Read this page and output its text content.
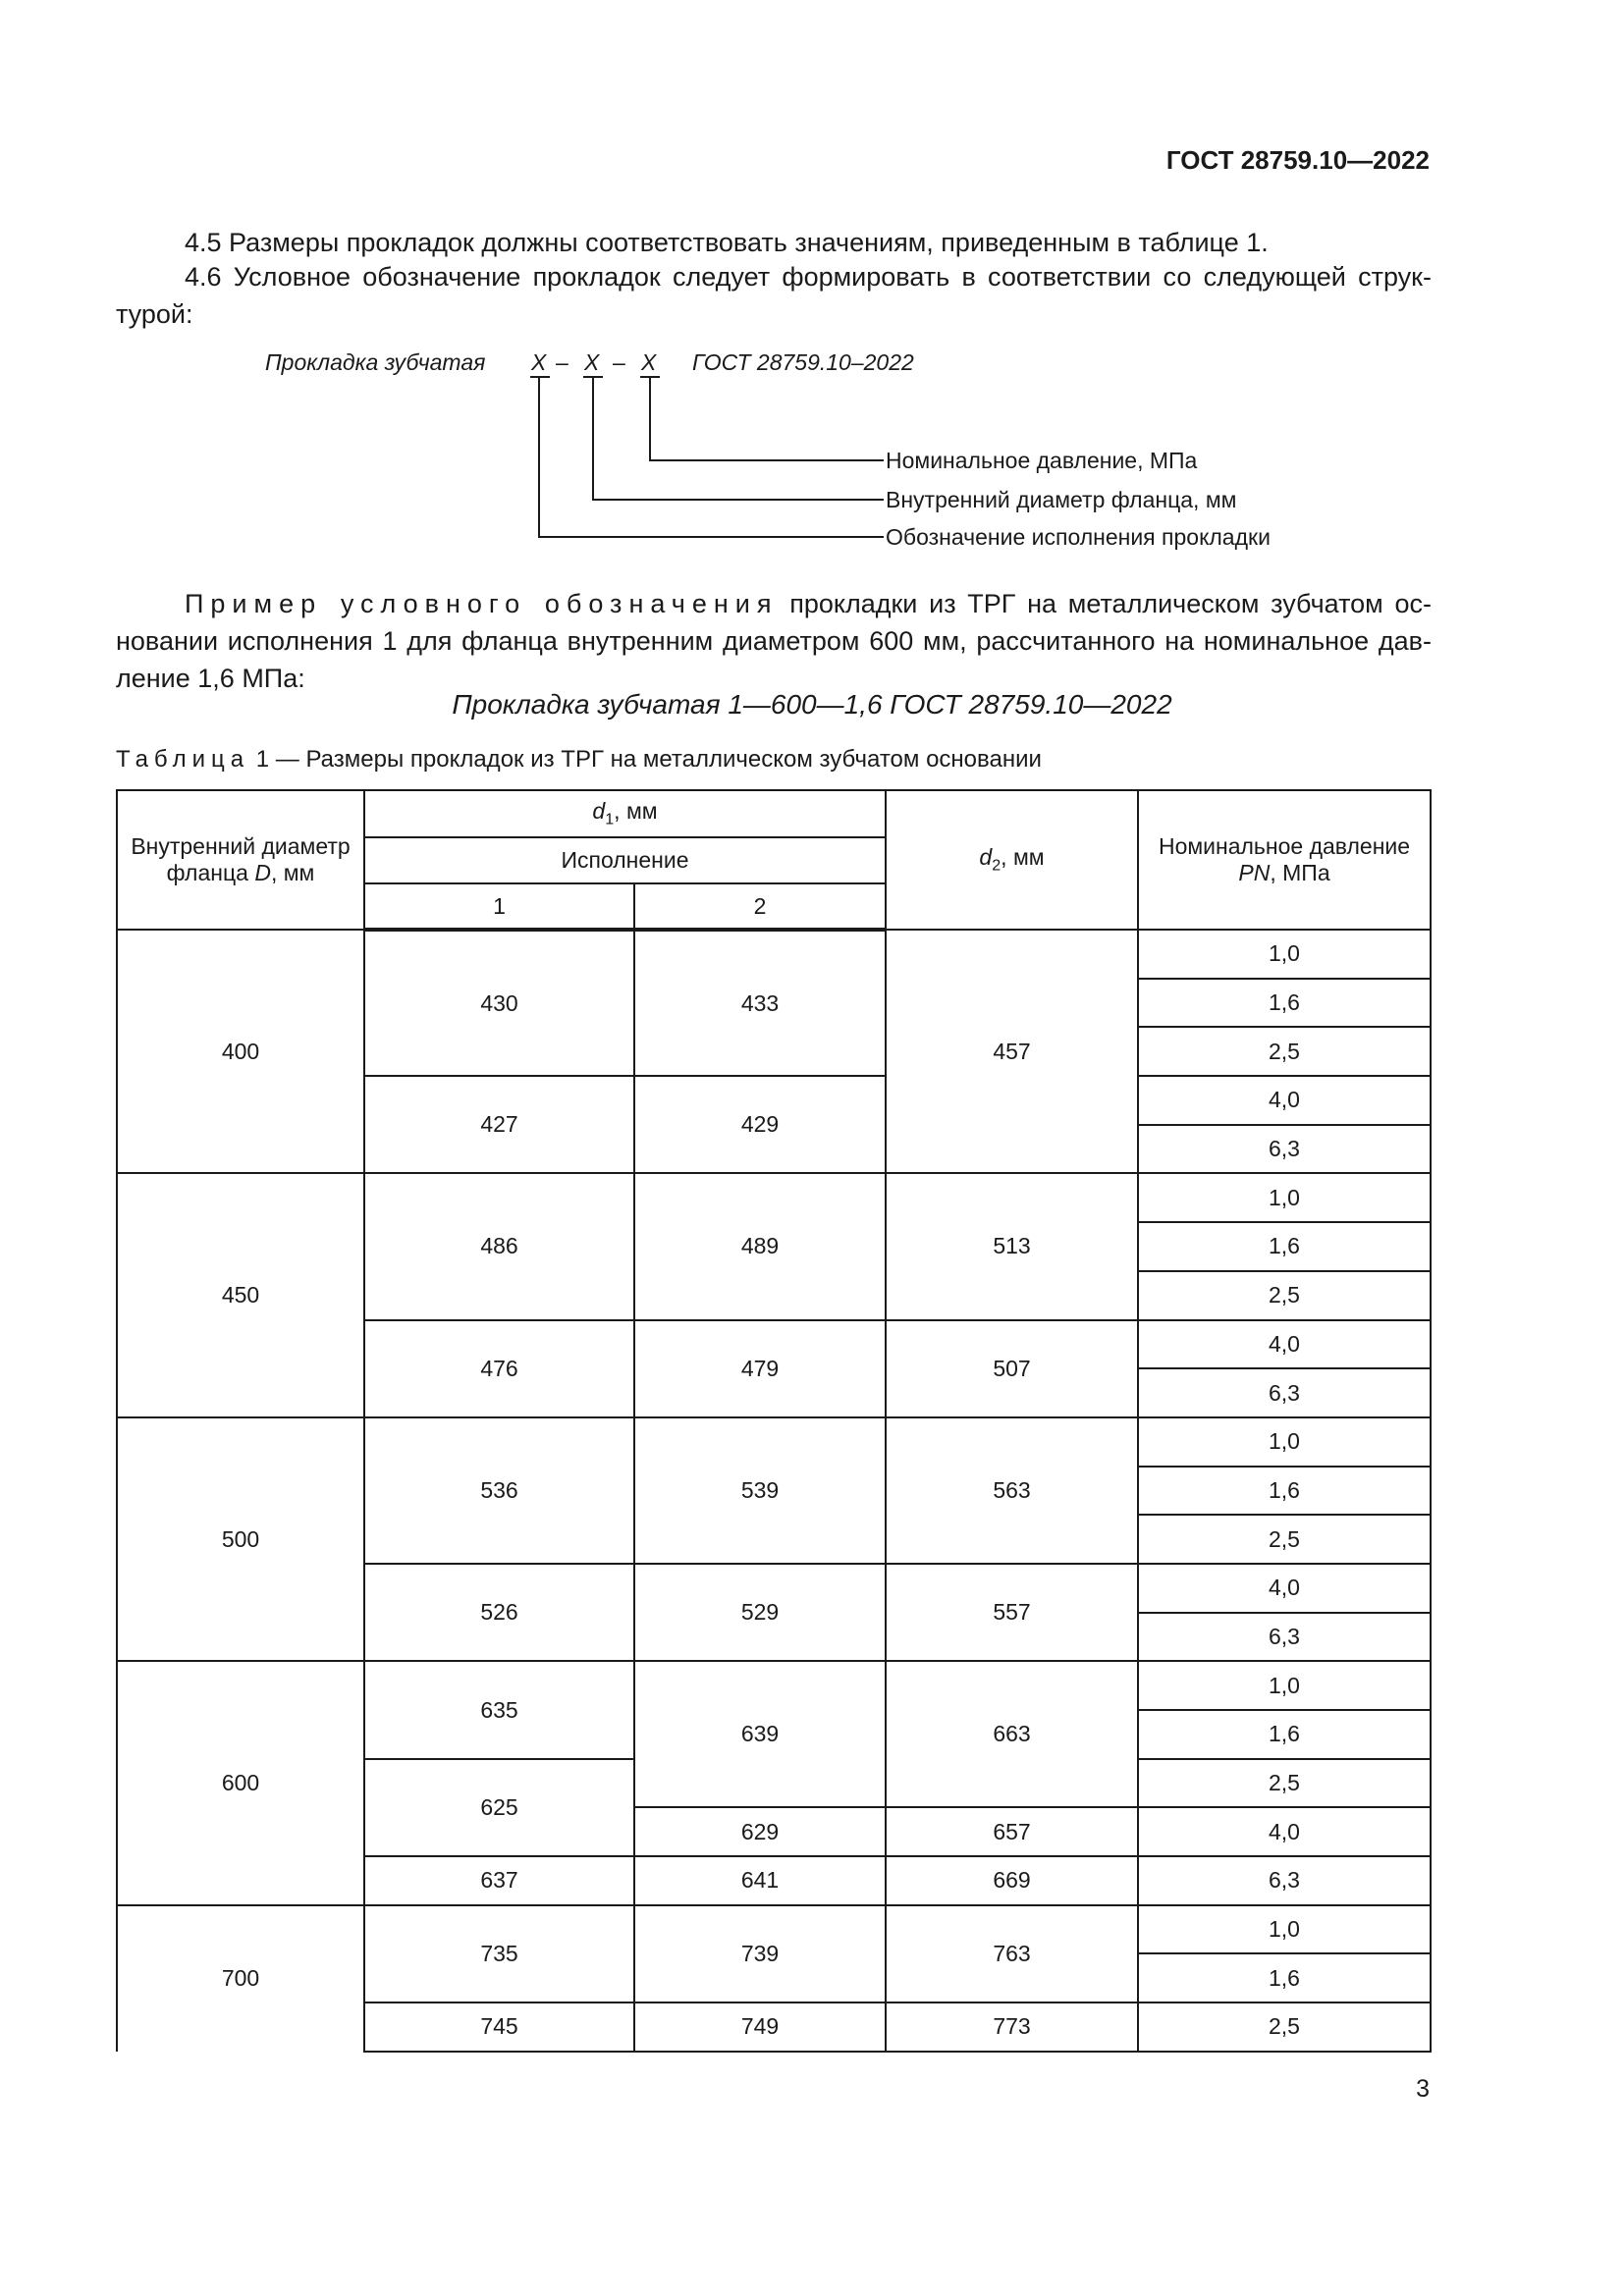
ГОСТ 28759.10—2022
4.5 Размеры прокладок должны соответствовать значениям, приведенным в таблице 1.
4.6 Условное обозначение прокладок следует формировать в соответствии со следующей структурой:
Прокладка зубчатая X – X – X ГОСТ 28759.10–2022
Номинальное давление, МПа
Внутренний диаметр фланца, мм
Обозначение исполнения прокладки
Пример условного обозначения прокладки из ТРГ на металлическом зубчатом основании исполнения 1 для фланца внутренним диаметром 600 мм, рассчитанного на номинальное давление 1,6 МПа:
Прокладка зубчатая 1—600—1,6 ГОСТ 28759.10—2022
Таблица 1 — Размеры прокладок из ТРГ на металлическом зубчатом основании
Внутренний диаметр
фланца D, мм	$d_1$, мм		$d_2$, мм	Номинальное давление
PN, МПа
	Исполнение			
	1	2		
400	430	433	457	1,0
				1,6
				2,5
	427	429		4,0
				6,3
450	486	489	513	1,0
				1,6
				2,5
	476	479	507	4,0
				6,3
500	536	539	563	1,0
				1,6
				2,5
	526	529	557	4,0
				6,3
600	635	639	663	1,0
				1,6
	625			2,5
		629	657	4,0
	637	641	669	6,3
700	735	739	763	1,0
				1,6
	745	749	773	2,5
3
